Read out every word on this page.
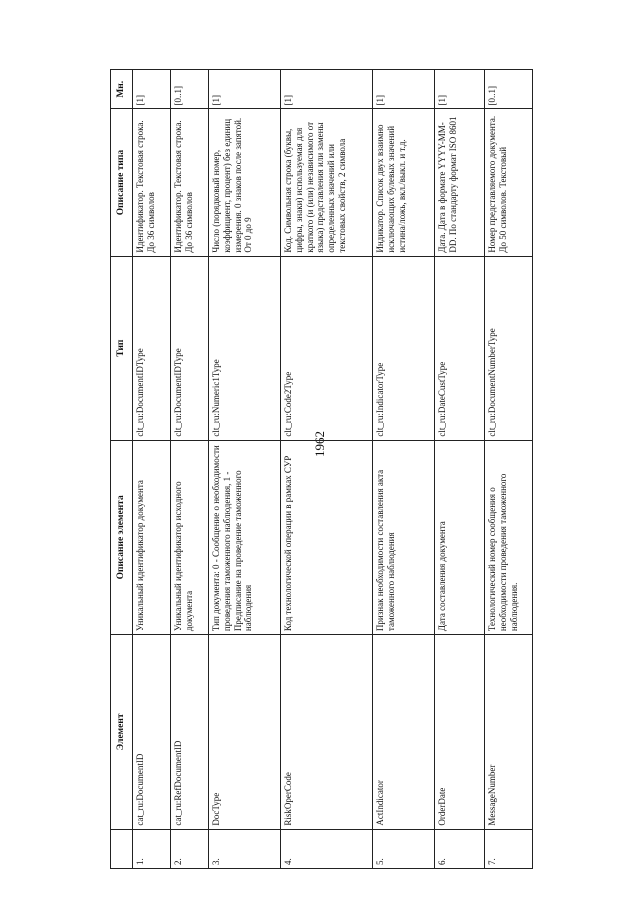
1962
	Элемент	Описание элемента	Тип	Описание типа	Мн.
1.	cat_ru:DocumentID	Уникальный идентификатор документа	clt_ru:DocumentIDType	Идентификатор. Текстовая строка. До 36 символов	[1]
2.	cat_ru:RefDocumentID	Уникальный идентификатор исходного документа	clt_ru:DocumentIDType	Идентификатор. Текстовая строка. До 36 символов	[0..1]
3.	DocType	Тип документа: 0 - Сообщение о необходимости проведения таможенного наблюдения, 1 - Предписание на проведение таможенного наблюдения	clt_ru:Numeric1Type	Число (порядковый номер, коэффициент, процент) без единиц измерения. 0 знаков после запятой. От 0 до 9	[1]
4.	RiskOperCode	Код технологической операции в рамках СУР	clt_ru:Code2Type	Код. Символьная строка (буквы, цифры, знаки) используемая для краткого (и (или) независимого от языка) представления или замены определенных значений или текстовых свойств, 2 символа	[1]
5.	ActIndicator	Признак необходимости составления акта таможенного наблюдения	clt_ru:IndicatorType	Индикатор. Список двух взаимно исключающих булевых значений истина/ложь, вкл./выкл. и т.д.	[1]
6.	OrderDate	Дата составления документа	clt_ru:DateCustType	Дата. Дата в формате YYYY-MM-DD. По стандарту формат ISO 8601	[1]
7.	MessageNumber	Технологический номер сообщения о необходимости проведения таможенного наблюдения.	clt_ru:DocumentNumberType	Номер представляемого документа. До 50 символов. Текстовый	[0..1]
